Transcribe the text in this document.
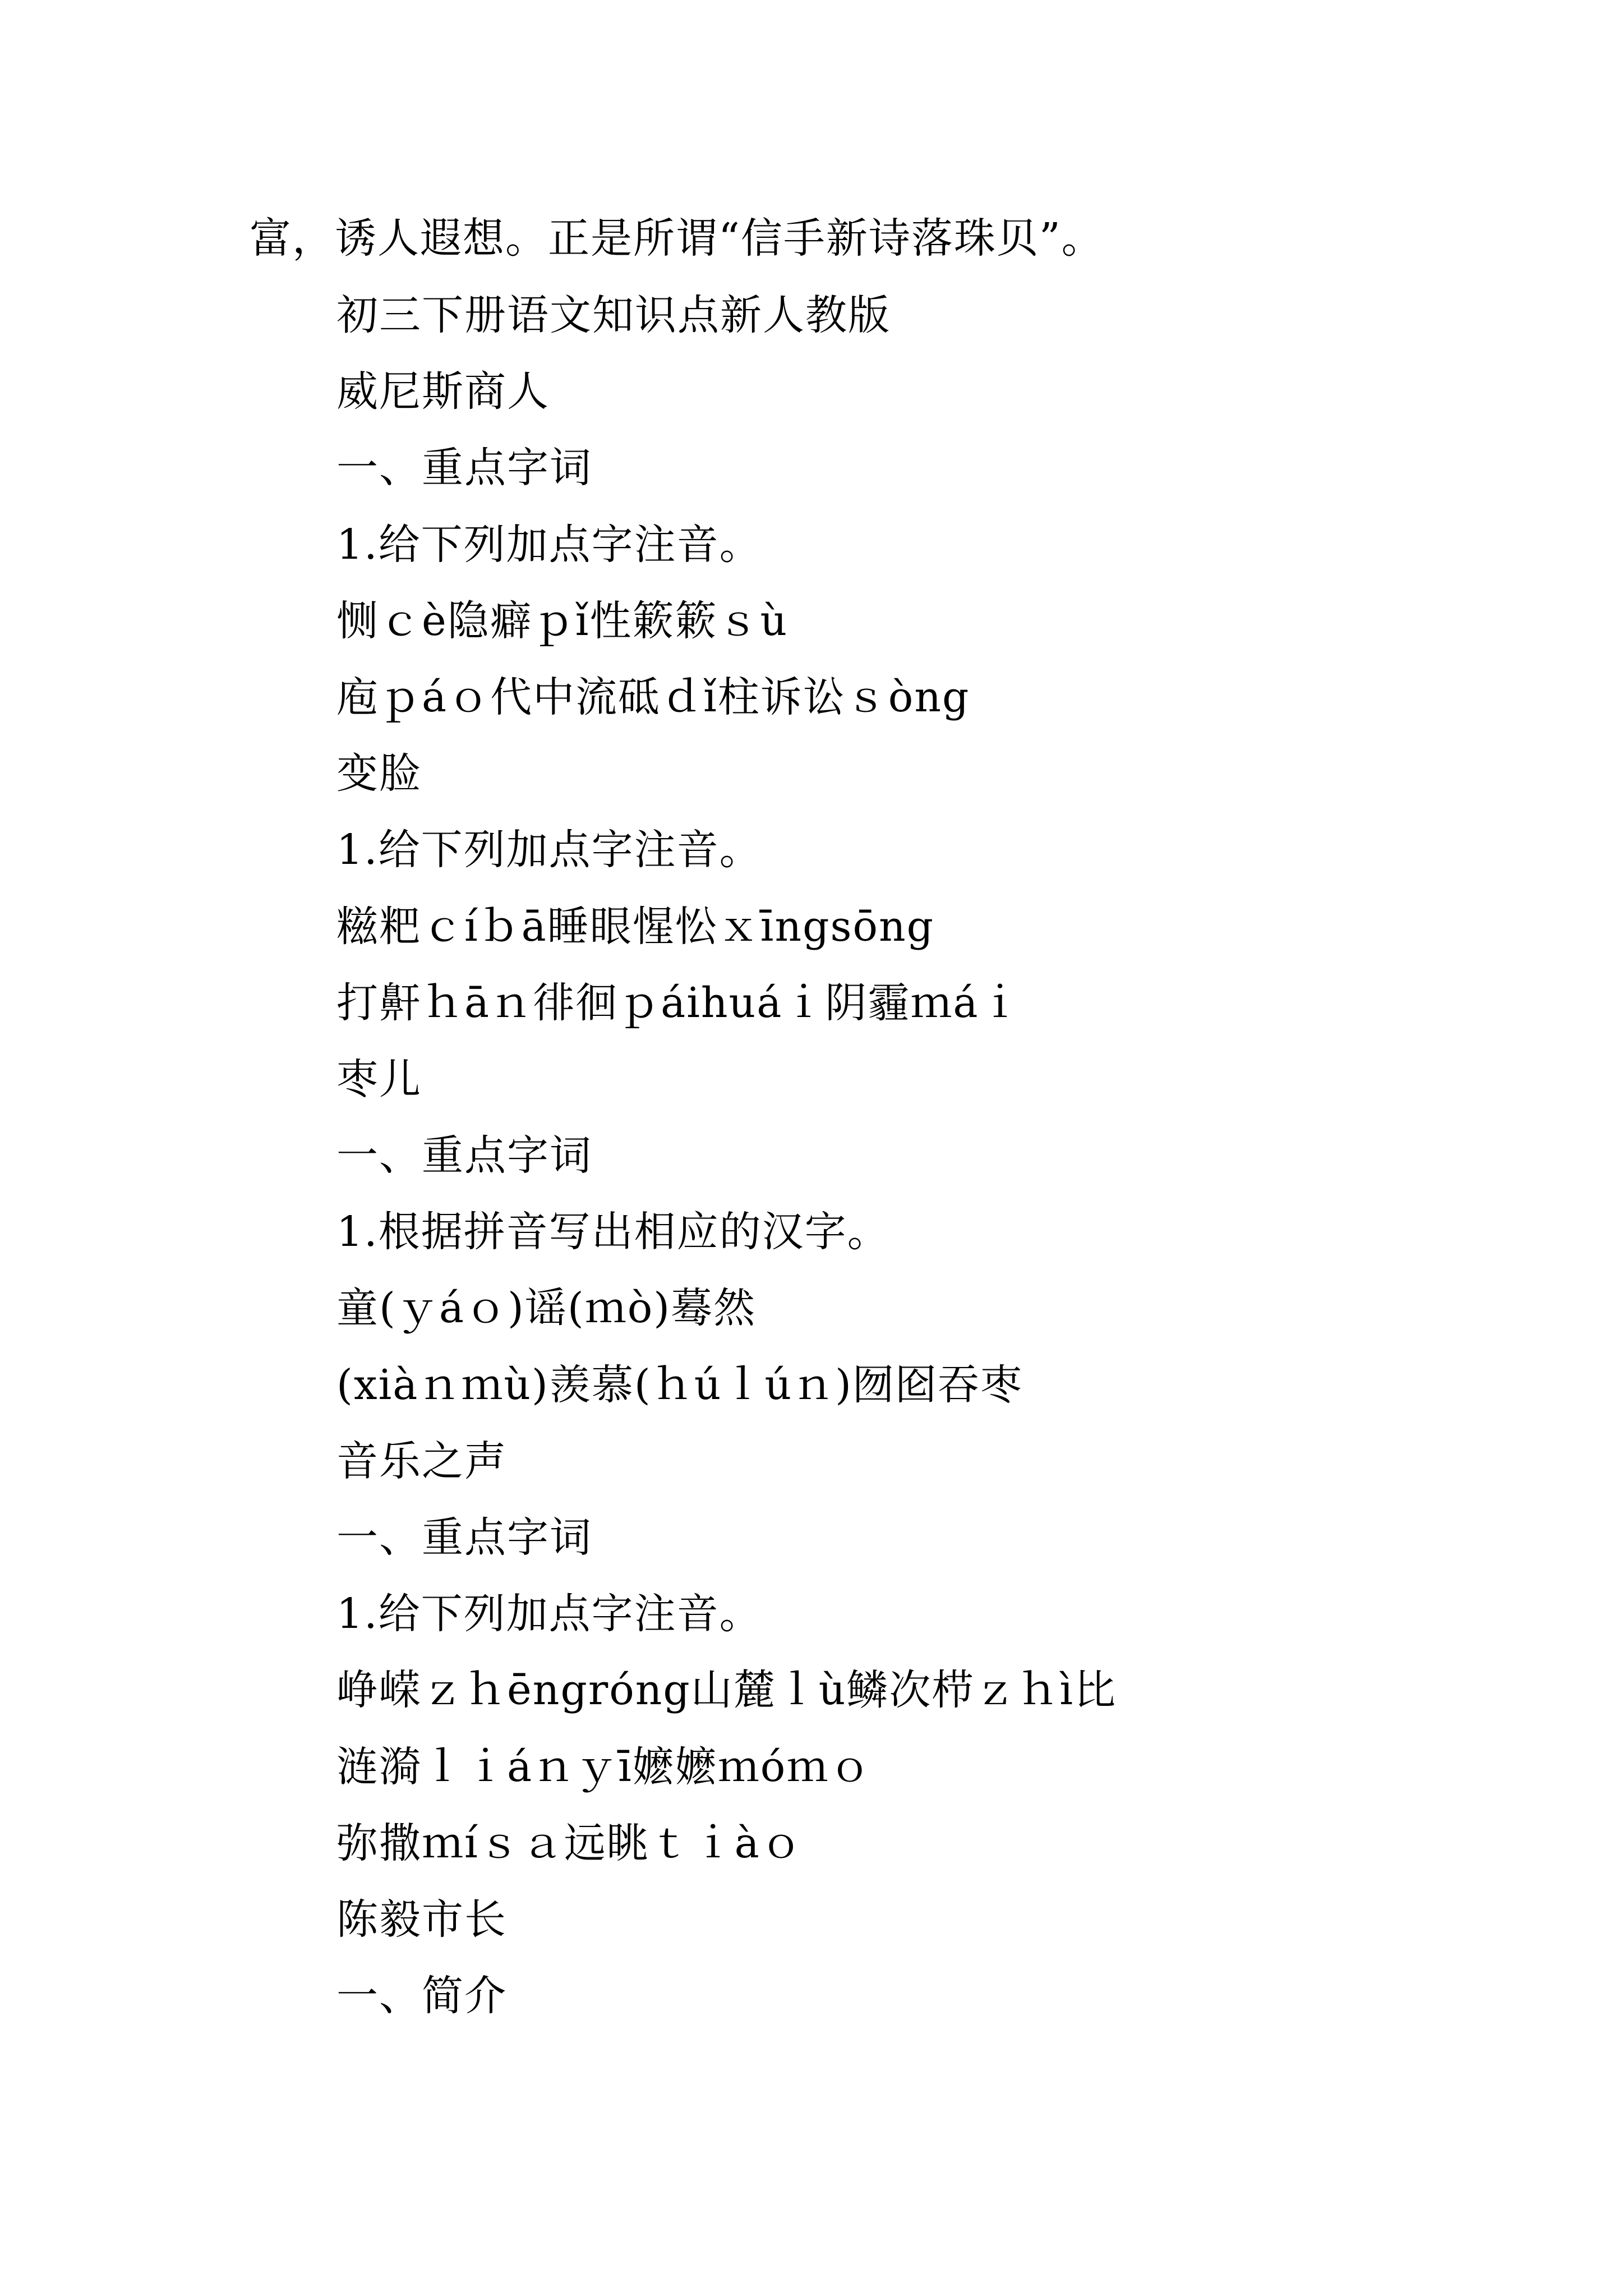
富，诱人遐想。正是所谓“信手新诗落珠贝”。
初三下册语文知识点新人教版
威尼斯商人
一、重点字词
1.给下列加点字注音。
恻ｃè隐癖ｐǐ性簌簌ｓù
庖ｐáｏ代中流砥ｄǐ柱诉讼ｓòng
变脸
1.给下列加点字注音。
糍粑ｃíｂā睡眼惺忪ｘīngsōng
打鼾ｈāｎ徘徊ｐáihuáｉ阴霾ｍáｉ
枣儿
一、重点字词
1.根据拼音写出相应的汉字。
童(ｙáｏ)谣(ｍò)蓦然
(xiàｎｍù)羡慕(ｈúｌúｎ)囫囵吞枣
音乐之声
一、重点字词
1.给下列加点字注音。
峥嵘ｚｈēngróng山麓ｌù鳞次栉ｚｈì比
涟漪ｌｉáｎｙī嬷嬷ｍóｍｏ
弥撒ｍíｓａ远眺ｔｉàｏ
陈毅市长
一、简介
